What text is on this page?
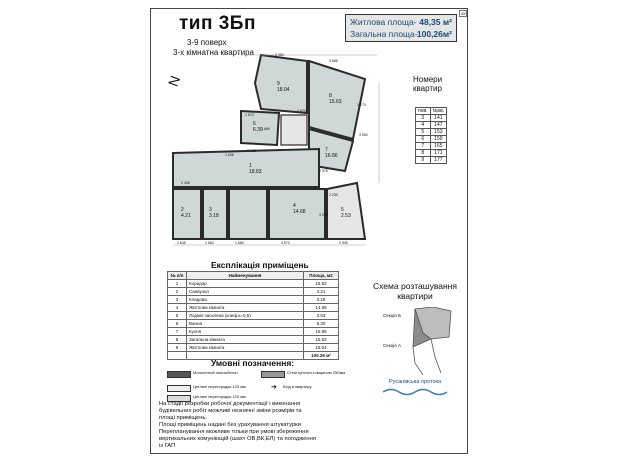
тип 3Бп
3-9 поверх
3-х кімнатна квартира
Житлова площа- 48,35 м²
Загальна площа- 100,26м²
45
N	Номери
квартир
пов.	№кв.
3	141
4	147
5	153
6	159
7	165
8	171
9	177
9
18.04
8
15.63
6
6.30
7
16.86
1
18.83
4
14.68
2
4.21
3
3.18
5
2.53
3 450
3 685
2 405
7 125
4 570	2 945
2 645	1 680
1 665
1 605
3 035
2 230
1 660
2 670
2 375
1 770
3 950
1 670
Експлікація приміщень
№ п/п	Найменування	Площа, м2
1	Коридор	18.83
2	Санвузол	4.21
3	Кладова	3.18
4	Житлова кімната	14.68
5	Лоджія засклена (коеф.к=0,5)	2.53
6	Ванна	6.30
7	Кухня	16.86
8	Загальна кімната	15.63
9	Житлова кімната	18.04
		100.26 м²
Схема розташування
квартири
Секція Б
Секція А
Русанівська протока
Умовні позначення:
Монолітний залізобетон	Стіни цегляні,товщиною 250мм
Цегляні перегородки 120 мм	➔ Вхід в квартиру
Цегляні перегородки 120 мм
На стадії розробки робочої документації і виконання будівельних робіт можливі незначні зміни розмірів та площі приміщень.
Площі приміщень надані без урахування штукатурки
Перепланування можливе тільки при умові збереження вертикальних комунікацій (шахт ОВ,ВК,ЕЛ) та погодження із ГАП
